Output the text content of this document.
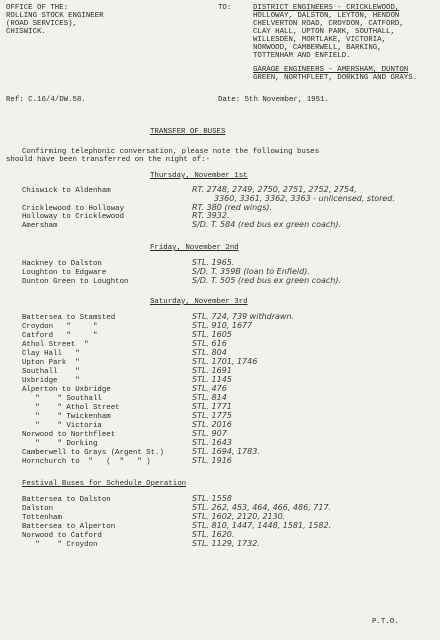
OFFICE OF THE:
ROLLING STOCK ENGINEER
(ROAD SERVICES),
CHISWICK.
TO:	DISTRICT ENGINEERS - CRICKLEWOOD,
HOLLOWAY, DALSTON, LEYTON, HENDON
CHELVERTON ROAD, CROYDON, CATFORD,
CLAY HALL, UPTON PARK, SOUTHALL,
WILLESDEN, MORTLAKE, VICTORIA,
NORWOOD, CAMBERWELL, BARKING,
TOTTENHAM AND ENFIELD.
GARAGE ENGINEERS - AMERSHAM, DUNTON
GREEN, NORTHFLEET, DORKING AND GRAYS.
Ref: C.16/4/DW.58.	Date: 5th November, 1951.
TRANSFER OF BUSES
Confirming telephonic conversation, please note the following buses
should have been transferred on the night of:-
Thursday, November 1st
Chiswick to Aldenham	RT. 2748, 2749, 2750, 2751, 2752, 2754,
3360, 3361, 3362, 3363 - unlicensed, stored.
Cricklewood to Holloway	RT. 380 (red wings).
Holloway to Cricklewood	RT. 3932.
Amersham	S/D. T. 584 (red bus ex green coach).
Friday, November 2nd
Hackney to Dalston	STL. 1965.
Loughton to Edgware	S/D. T. 359B (loan to Enfield).
Dunton Green to Loughton	S/D. T. 505 (red bus ex green coach).
Saturday, November 3rd
Battersea to Stamsted	STL. 724, 739 withdrawn.
Croydon   "     "	STL. 910, 1677
Catford   "     "	STL. 1605
Athol Street  "	STL. 616
Clay Hall   "	STL. 804
Upton Park  "	STL. 1701, 1746
Southall    "	STL. 1691
Uxbridge    "	STL. 1145
Alperton to Uxbridge	STL. 476
"    " Southall	STL. 814
"    " Athol Street	STL. 1771
"    " Twickenham	STL. 1775
"    " Victoria	STL. 2016
Norwood to Northfleet	STL. 907
"    " Dorking	STL. 1643
Camberwell to Grays (Argent St.)	STL. 1694, 1783.
Hornchurch to  "   (  "   " )	STL. 1916
Festival Buses for Schedule Operation
Battersea to Dalston	STL. 1558
Dalston	STL. 262, 453, 464, 466, 486, 717.
Tottenham	STL. 1602, 2120, 2130.
Battersea to Alperton	STL. 810, 1447, 1448, 1581, 1582.
Norwood to Catford	STL. 1620.
"    " Croydon	STL. 1129, 1732.
P.T.O.
